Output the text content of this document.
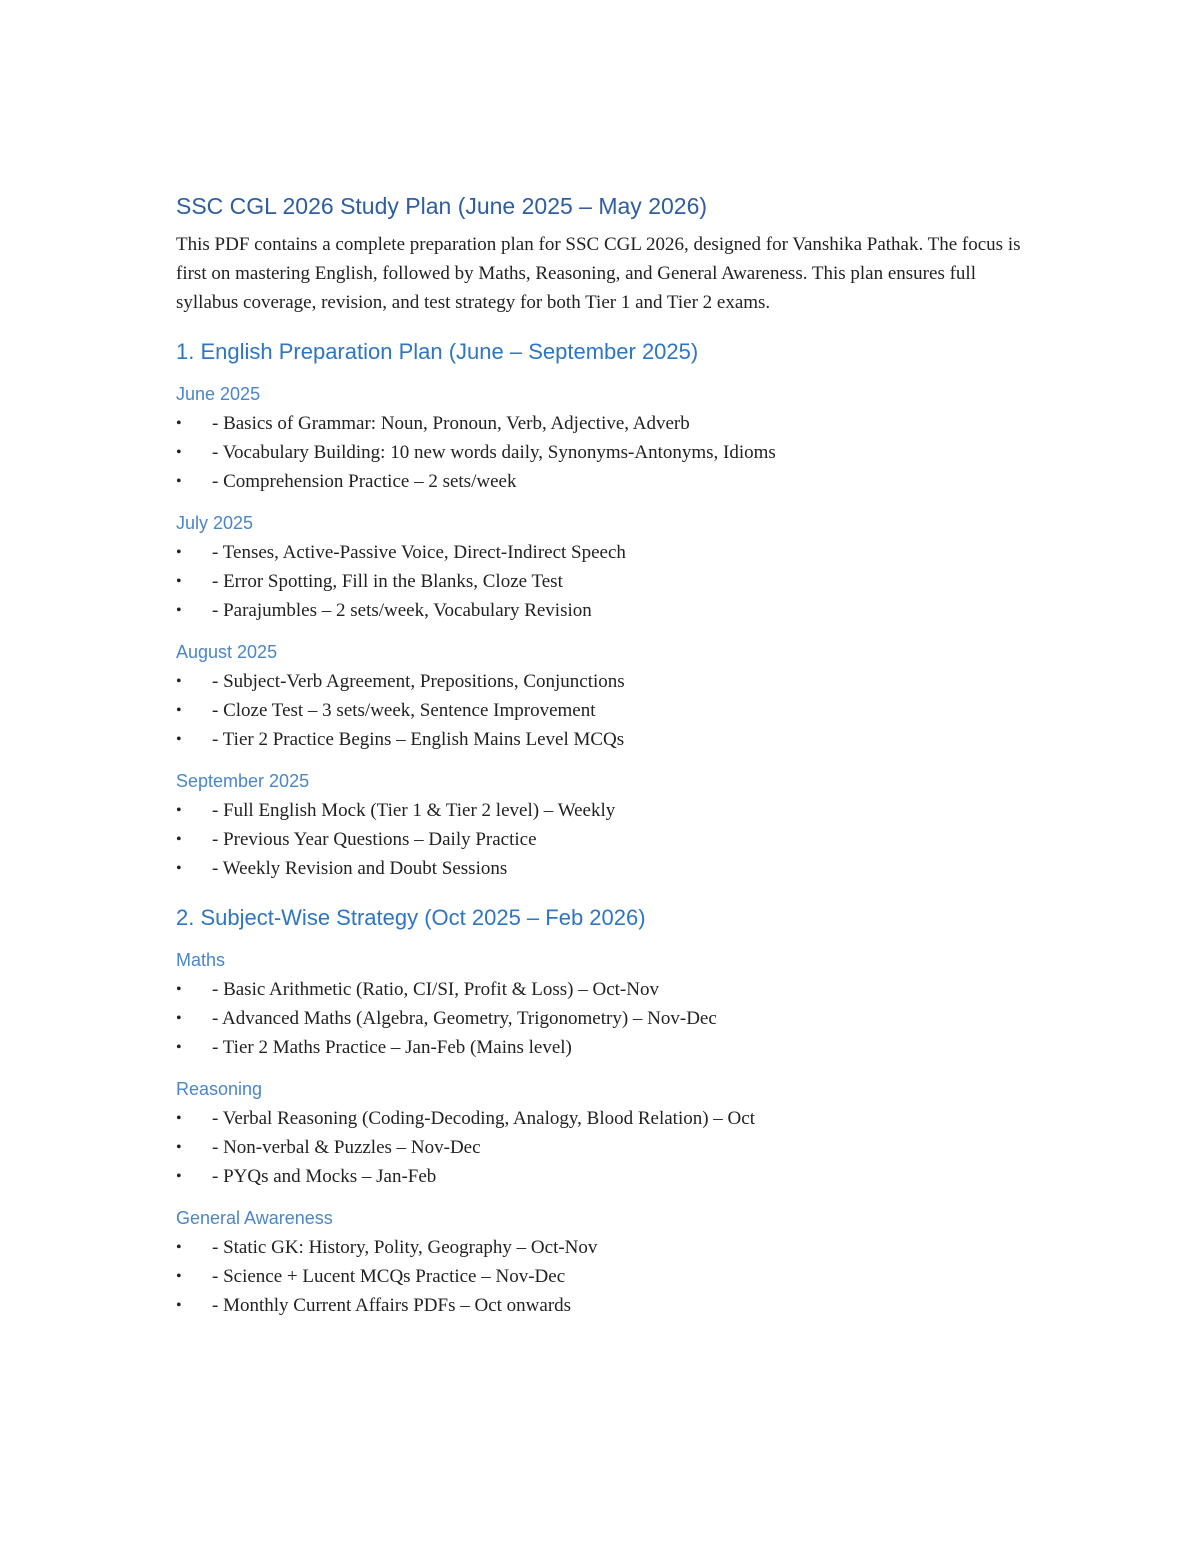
SSC CGL 2026 Study Plan (June 2025 – May 2026)

This PDF contains a complete preparation plan for SSC CGL 2026, designed for Vanshika Pathak. The focus is first on mastering English, followed by Maths, Reasoning, and General Awareness. This plan ensures full syllabus coverage, revision, and test strategy for both Tier 1 and Tier 2 exams.

1. English Preparation Plan (June – September 2025)
June 2025
• - Basics of Grammar: Noun, Pronoun, Verb, Adjective, Adverb
• - Vocabulary Building: 10 new words daily, Synonyms-Antonyms, Idioms
• - Comprehension Practice – 2 sets/week
July 2025
• - Tenses, Active-Passive Voice, Direct-Indirect Speech
• - Error Spotting, Fill in the Blanks, Cloze Test
• - Parajumbles – 2 sets/week, Vocabulary Revision
August 2025
• - Subject-Verb Agreement, Prepositions, Conjunctions
• - Cloze Test – 3 sets/week, Sentence Improvement
• - Tier 2 Practice Begins – English Mains Level MCQs
September 2025
• - Full English Mock (Tier 1 & Tier 2 level) – Weekly
• - Previous Year Questions – Daily Practice
• - Weekly Revision and Doubt Sessions
2. Subject-Wise Strategy (Oct 2025 – Feb 2026)
Maths
• - Basic Arithmetic (Ratio, CI/SI, Profit & Loss) – Oct-Nov
• - Advanced Maths (Algebra, Geometry, Trigonometry) – Nov-Dec
• - Tier 2 Maths Practice – Jan-Feb (Mains level)
Reasoning
• - Verbal Reasoning (Coding-Decoding, Analogy, Blood Relation) – Oct
• - Non-verbal & Puzzles – Nov-Dec
• - PYQs and Mocks – Jan-Feb
General Awareness
• - Static GK: History, Polity, Geography – Oct-Nov
• - Science + Lucent MCQs Practice – Nov-Dec
• - Monthly Current Affairs PDFs – Oct onwards
